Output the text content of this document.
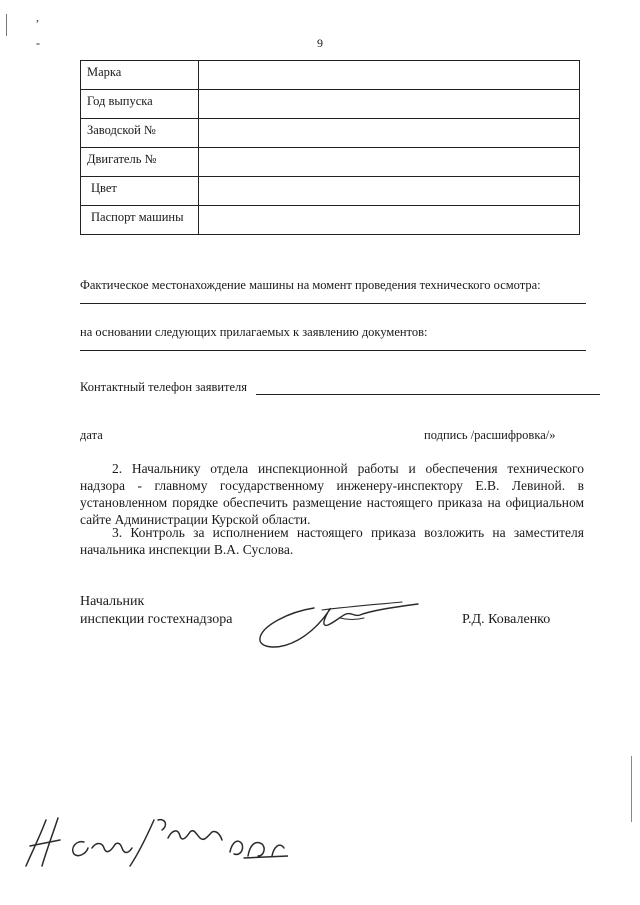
,
-	9
Марка	
Год выпуска	
Заводской №	
Двигатель №	
Цвет	
Паспорт машины	
Фактическое местонахождение машины на момент проведения технического осмотра:
на основании следующих прилагаемых к заявлению документов:
Контактный телефон заявителя
дата	подпись /расшифровка/»

2. Начальнику отдела инспекционной работы и обеспечения технического надзора - главному государственному инженеру-инспектору Е.В. Левиной. в установленном порядке обеспечить размещение настоящего приказа на официальном сайте Администрации Курской области.

3. Контроль за исполнением настоящего приказа возложить на заместителя начальника инспекции В.А. Суслова.

Начальник
инспекции гостехнадзора	Р.Д. Коваленко
